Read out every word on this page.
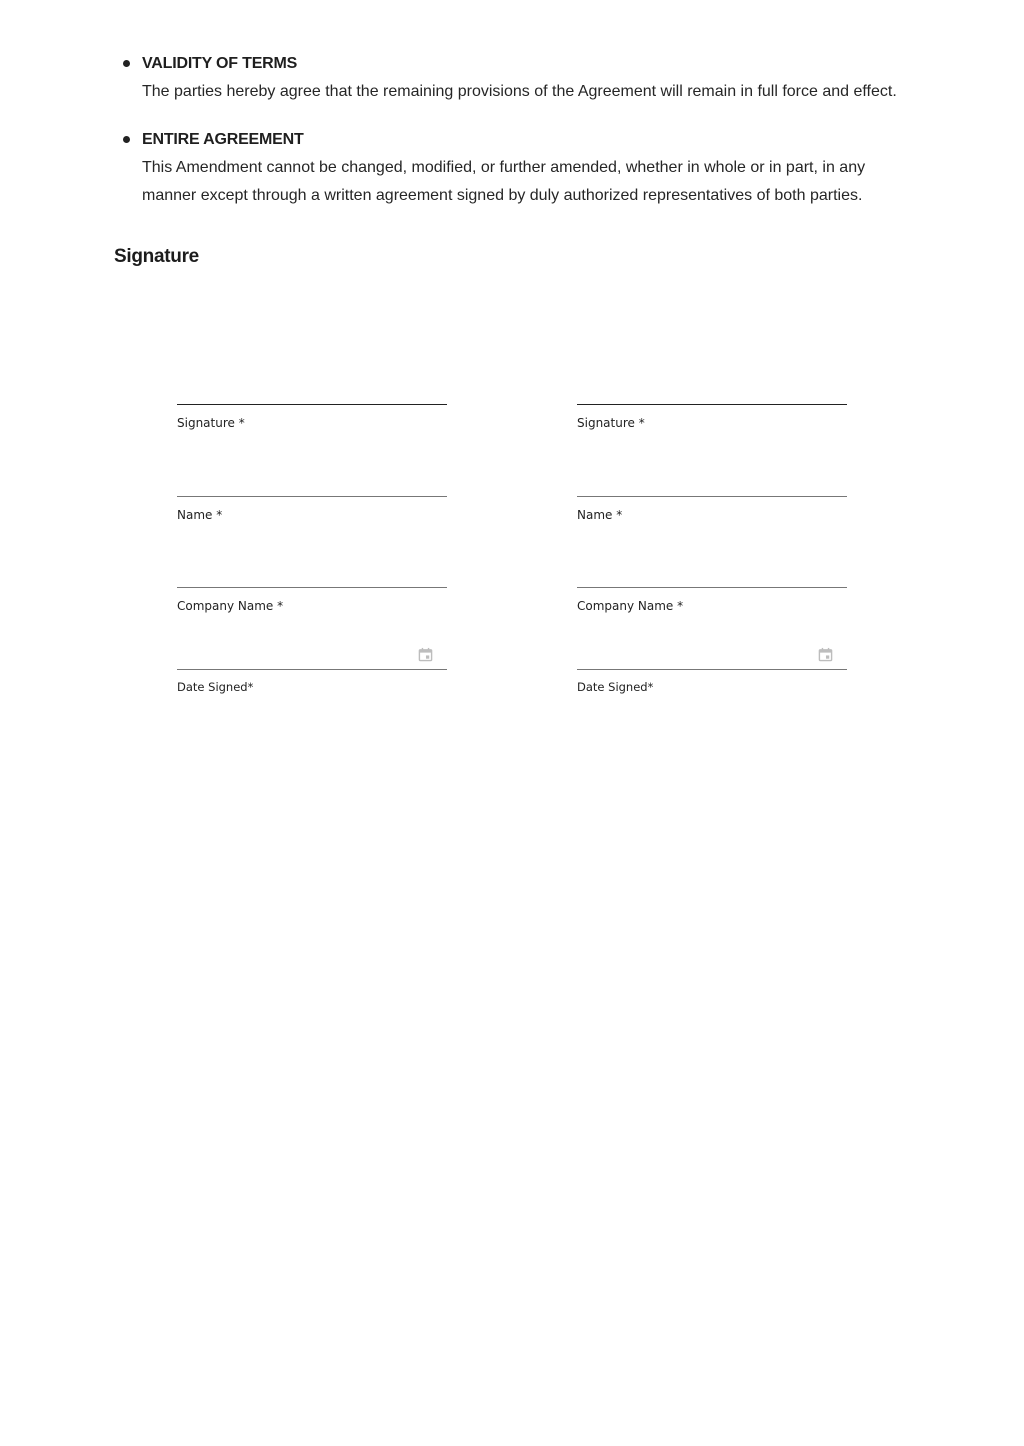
VALIDITY OF TERMS
The parties hereby agree that the remaining provisions of the Agreement will remain in full force and effect.
ENTIRE AGREEMENT
This Amendment cannot be changed, modified, or further amended, whether in whole or in part, in any manner except through a written agreement signed by duly authorized representatives of both parties.
Signature
Signature *
Name *
Company Name *
Date Signed*
Signature *
Name *
Company Name *
Date Signed*
